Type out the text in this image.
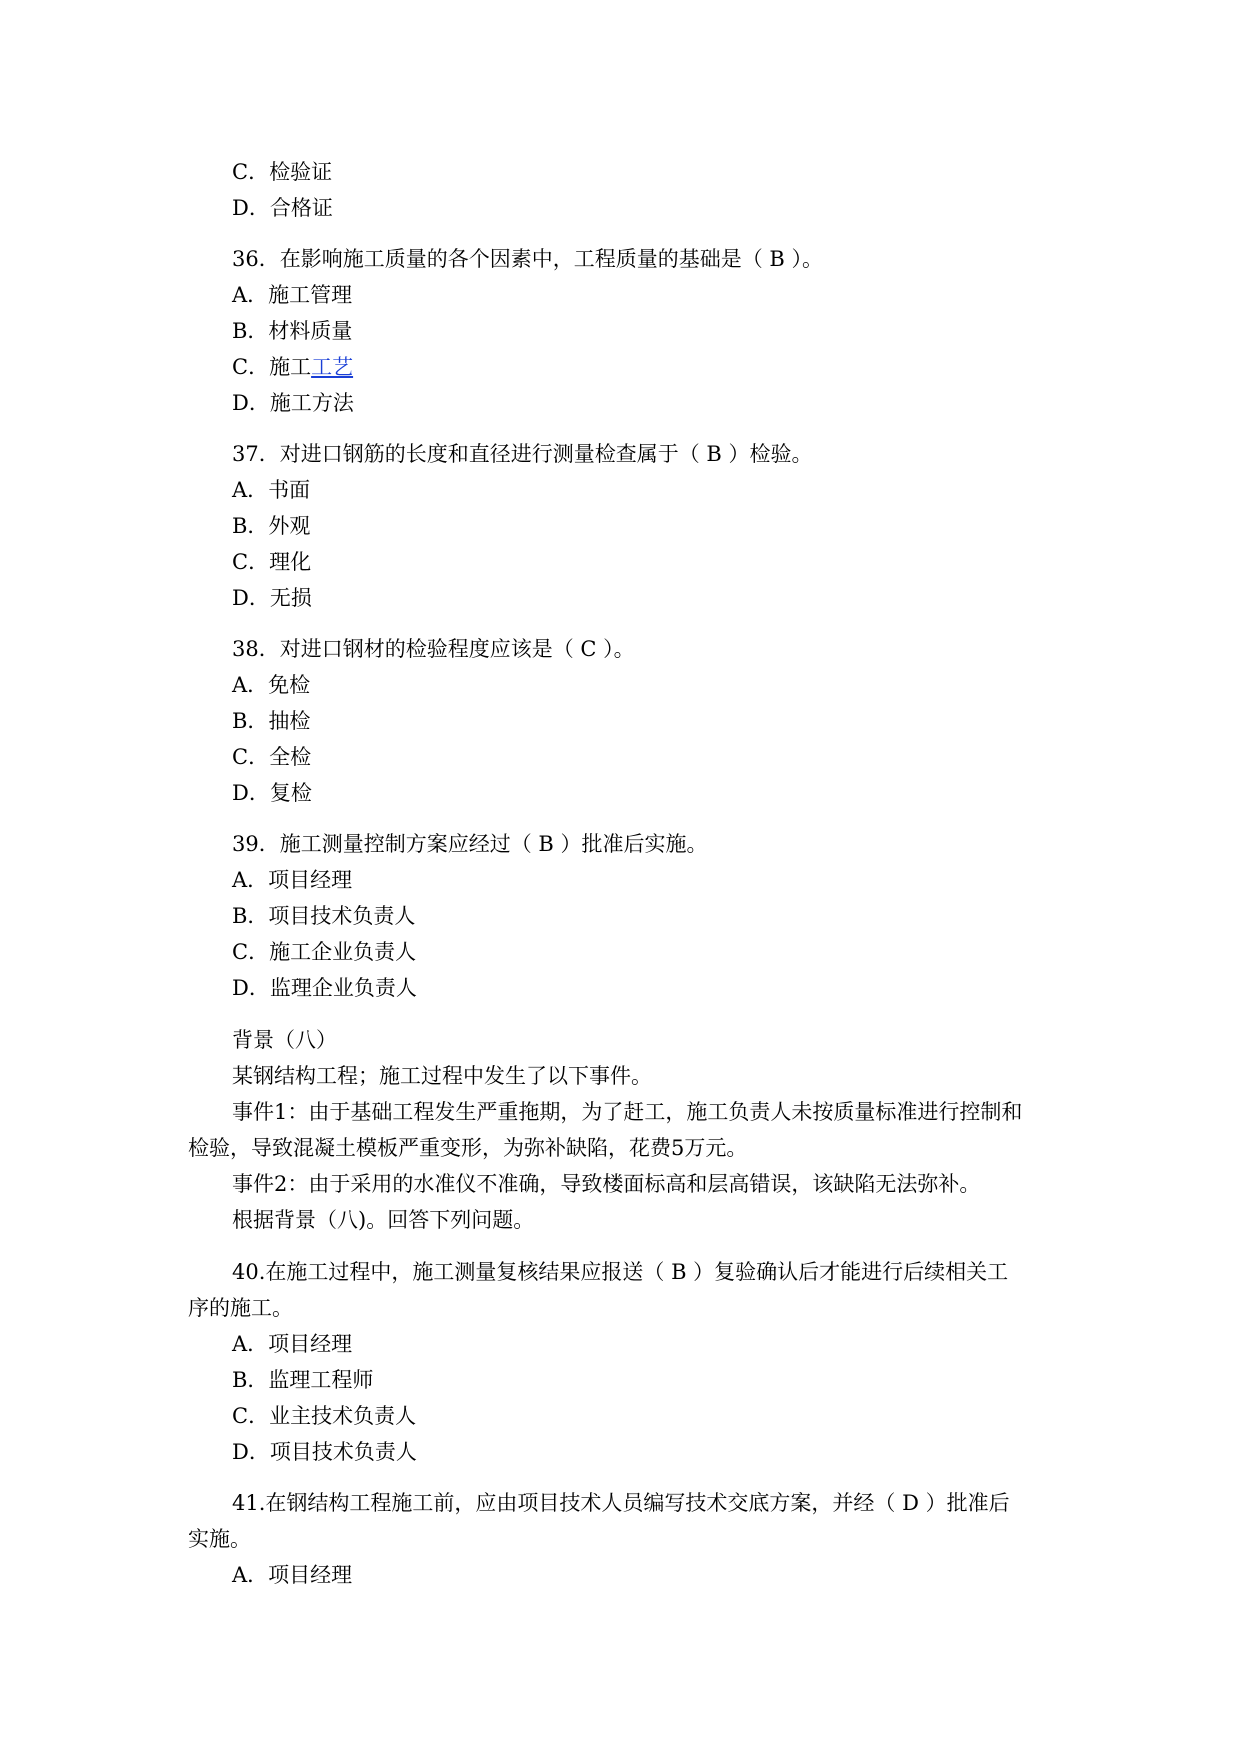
C．检验证
D．合格证
36．在影响施工质量的各个因素中，工程质量的基础是（ B ）。
A．施工管理
B．材料质量
C．施工工艺
D．施工方法
37．对进口钢筋的长度和直径进行测量检查属于（ B ）检验。
A．书面
B．外观
C．理化
D．无损
38．对进口钢材的检验程度应该是（ C ）。
A．免检
B．抽检
C．全检
D．复检
39．施工测量控制方案应经过（ B ）批准后实施。
A．项目经理
B．项目技术负责人
C．施工企业负责人
D．监理企业负责人
背景（八）
某钢结构工程；施工过程中发生了以下事件。
事件1：由于基础工程发生严重拖期，为了赶工，施工负责人未按质量标准进行控制和
检验，导致混凝土模板严重变形，为弥补缺陷，花费5万元。
事件2：由于采用的水准仪不准确，导致楼面标高和层高错误，该缺陷无法弥补。
根据背景（八)。回答下列问题。
40.在施工过程中，施工测量复核结果应报送（ B ）复验确认后才能进行后续相关工
序的施工。
A．项目经理
B．监理工程师
C．业主技术负责人
D．项目技术负责人
41.在钢结构工程施工前，应由项目技术人员编写技术交底方案，并经（ D ）批准后
实施。
A．项目经理
